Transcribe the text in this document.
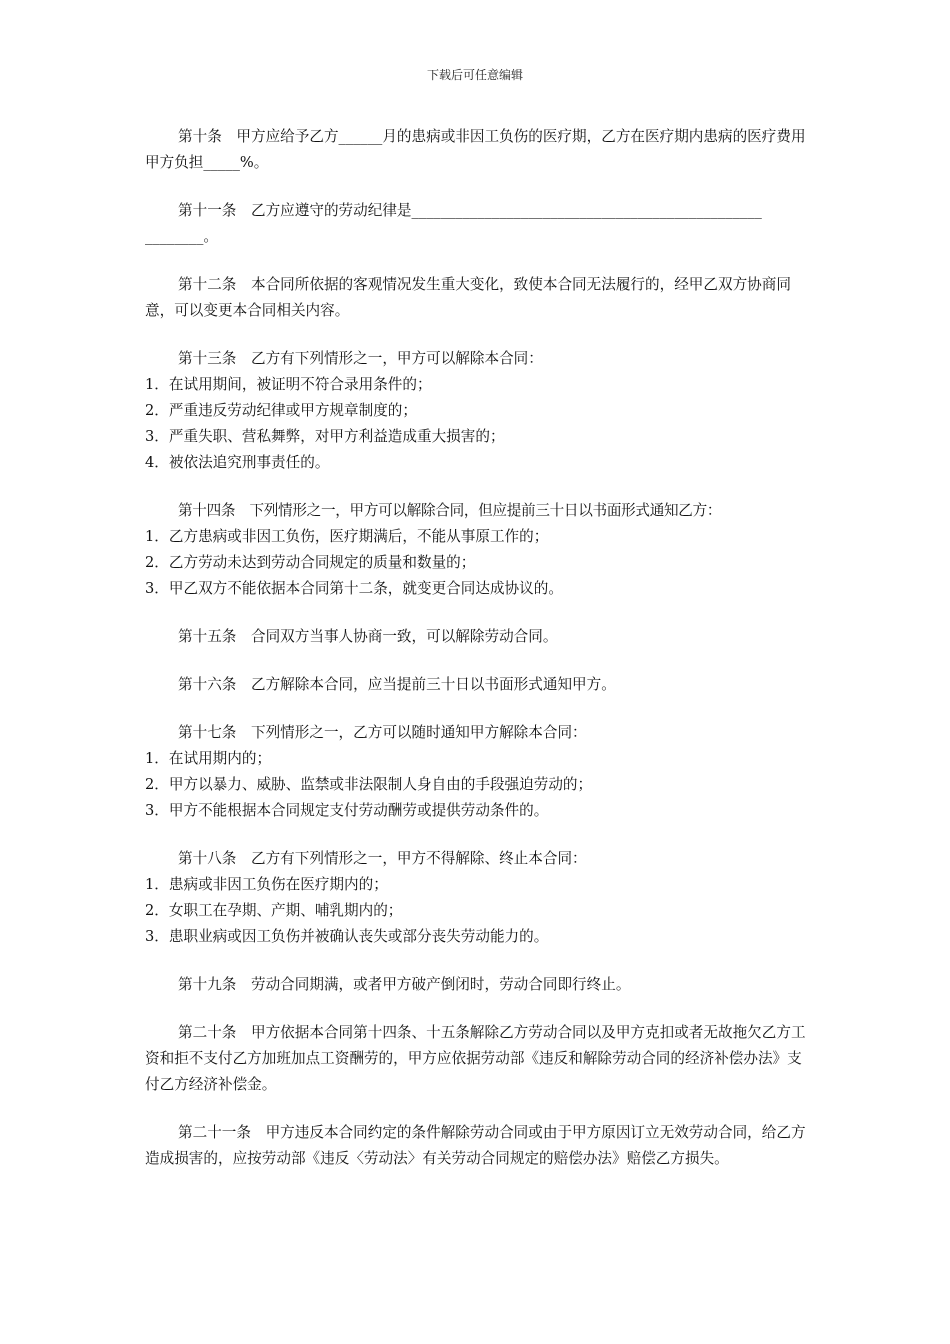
下载后可任意编辑

第十条　甲方应给予乙方______月的患病或非因工负伤的医疗期，乙方在医疗期内患病的医疗费用甲方负担_____%。

第十一条　乙方应遵守的劳动纪律是________________________________________________

________。

第十二条　本合同所依据的客观情况发生重大变化，致使本合同无法履行的，经甲乙双方协商同意，可以变更本合同相关内容。

第十三条　乙方有下列情形之一，甲方可以解除本合同：

1．在试用期间，被证明不符合录用条件的；

2．严重违反劳动纪律或甲方规章制度的；

3．严重失职、营私舞弊，对甲方利益造成重大损害的；

4．被依法追究刑事责任的。

第十四条　下列情形之一，甲方可以解除合同，但应提前三十日以书面形式通知乙方：

1．乙方患病或非因工负伤，医疗期满后，不能从事原工作的；

2．乙方劳动未达到劳动合同规定的质量和数量的；

3．甲乙双方不能依据本合同第十二条，就变更合同达成协议的。

第十五条　合同双方当事人协商一致，可以解除劳动合同。

第十六条　乙方解除本合同，应当提前三十日以书面形式通知甲方。

第十七条　下列情形之一，乙方可以随时通知甲方解除本合同：

1．在试用期内的；

2．甲方以暴力、威胁、监禁或非法限制人身自由的手段强迫劳动的；

3．甲方不能根据本合同规定支付劳动酬劳或提供劳动条件的。

第十八条　乙方有下列情形之一，甲方不得解除、终止本合同：

1．患病或非因工负伤在医疗期内的；

2．女职工在孕期、产期、哺乳期内的；

3．患职业病或因工负伤并被确认丧失或部分丧失劳动能力的。

第十九条　劳动合同期满，或者甲方破产倒闭时，劳动合同即行终止。

第二十条　甲方依据本合同第十四条、十五条解除乙方劳动合同以及甲方克扣或者无故拖欠乙方工资和拒不支付乙方加班加点工资酬劳的，甲方应依据劳动部《违反和解除劳动合同的经济补偿办法》支付乙方经济补偿金。

第二十一条　甲方违反本合同约定的条件解除劳动合同或由于甲方原因订立无效劳动合同，给乙方造成损害的，应按劳动部《违反〈劳动法〉有关劳动合同规定的赔偿办法》赔偿乙方损失。
